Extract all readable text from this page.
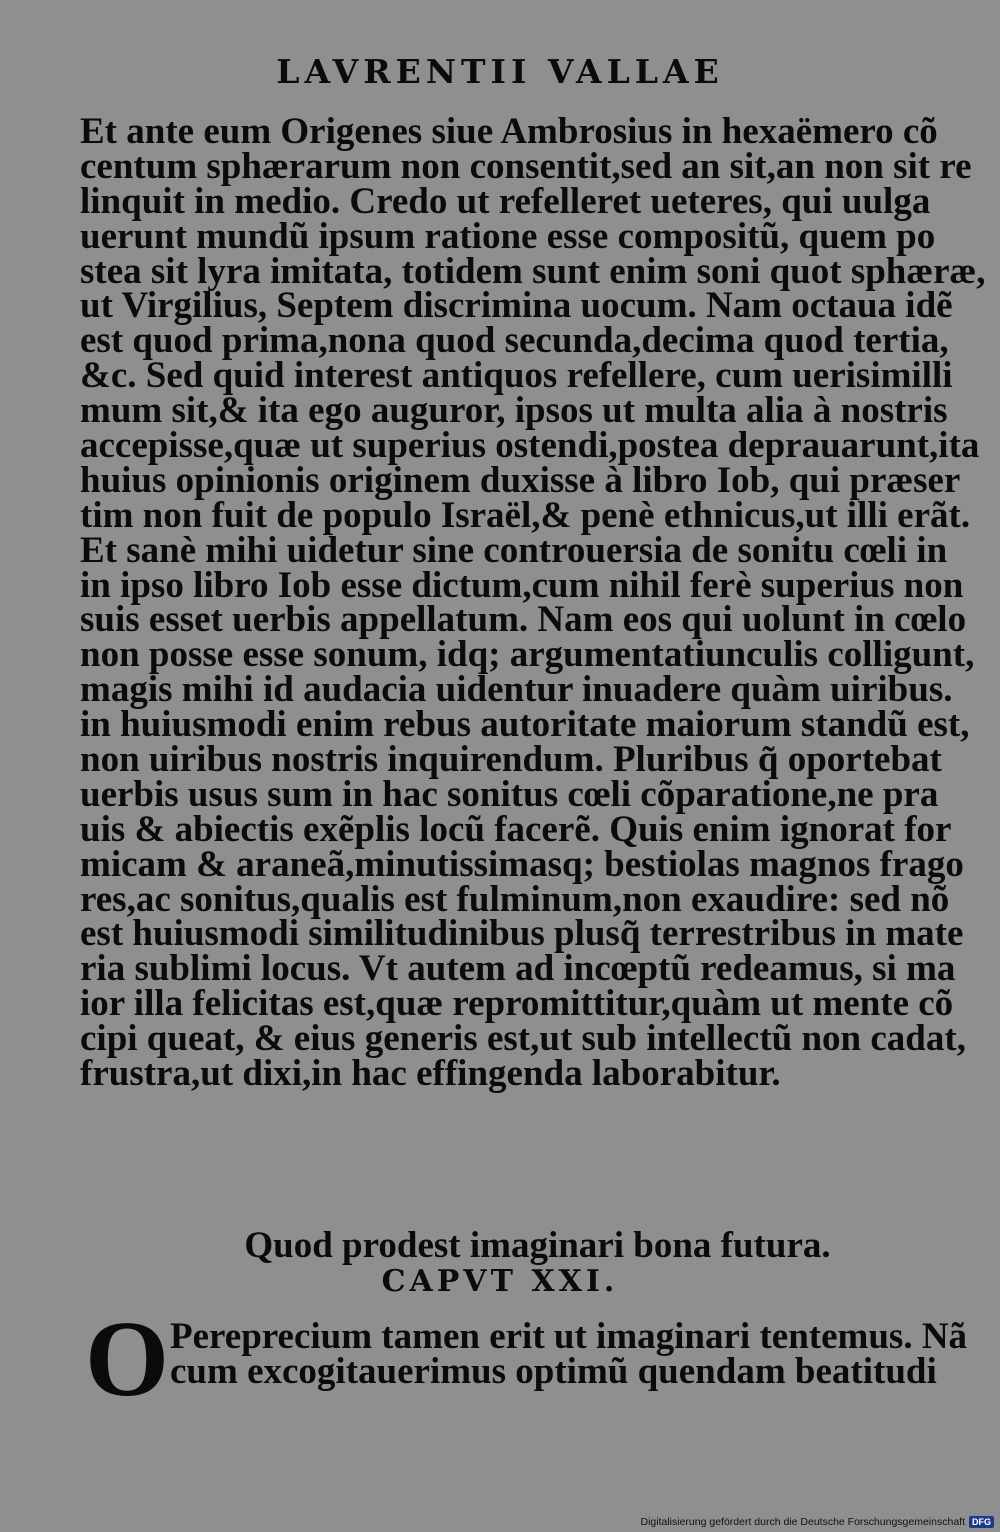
LAVRENTII VALLAE
Et ante eum Origenes siue Ambrosius in hexaëmero cõ
centum sphærarum non consentit,sed an sit,an non sit re
linquit in medio. Credo ut refelleret ueteres, qui uulga
uerunt mundũ ipsum ratione esse compositũ, quem po
stea sit lyra imitata, totidem sunt enim soni quot sphæræ,
ut Virgilius, Septem discrimina uocum. Nam octaua idẽ
est quod prima,nona quod secunda,decima quod tertia,
&c. Sed quid interest antiquos refellere, cum uerisimilli
mum sit,& ita ego auguror, ipsos ut multa alia à nostris
accepisse,quæ ut superius ostendi,postea deprauarunt,ita
huius opinionis originem duxisse à libro Iob, qui præser
tim non fuit de populo Israël,& penè ethnicus,ut illi erãt.
Et sanè mihi uidetur sine controuersia de sonitu cœli in
in ipso libro Iob esse dictum,cum nihil ferè superius non
suis esset uerbis appellatum. Nam eos qui uolunt in cœlo
non posse esse sonum, idq; argumentatiunculis colligunt,
magis mihi id audacia uidentur inuadere quàm uiribus.
in huiusmodi enim rebus autoritate maiorum standũ est,
non uiribus nostris inquirendum. Pluribus q̃ oportebat
uerbis usus sum in hac sonitus cœli cõparatione,ne pra
uis & abiectis exẽplis locũ facerẽ. Quis enim ignorat for
micam & araneã,minutissimasq; bestiolas magnos frago
res,ac sonitus,qualis est fulminum,non exaudire: sed nõ
est huiusmodi similitudinibus plusq̃ terrestribus in mate
ria sublimi locus. Vt autem ad incœptũ redeamus, si ma
ior illa felicitas est,quæ repromittitur,quàm ut mente cõ
cipi queat, & eius generis est,ut sub intellectũ non cadat,
frustra,ut dixi,in hac effingenda laborabitur.
Quod prodest imaginari bona futura.
CAPVT XXI.
O Pereprecium tamen erit ut imaginari tentemus. Nã
cum excogitauerimus optimũ quendam beatitudi
Digitalisierung gefördert durch die Deutsche Forschungsgemeinschaft DFG
